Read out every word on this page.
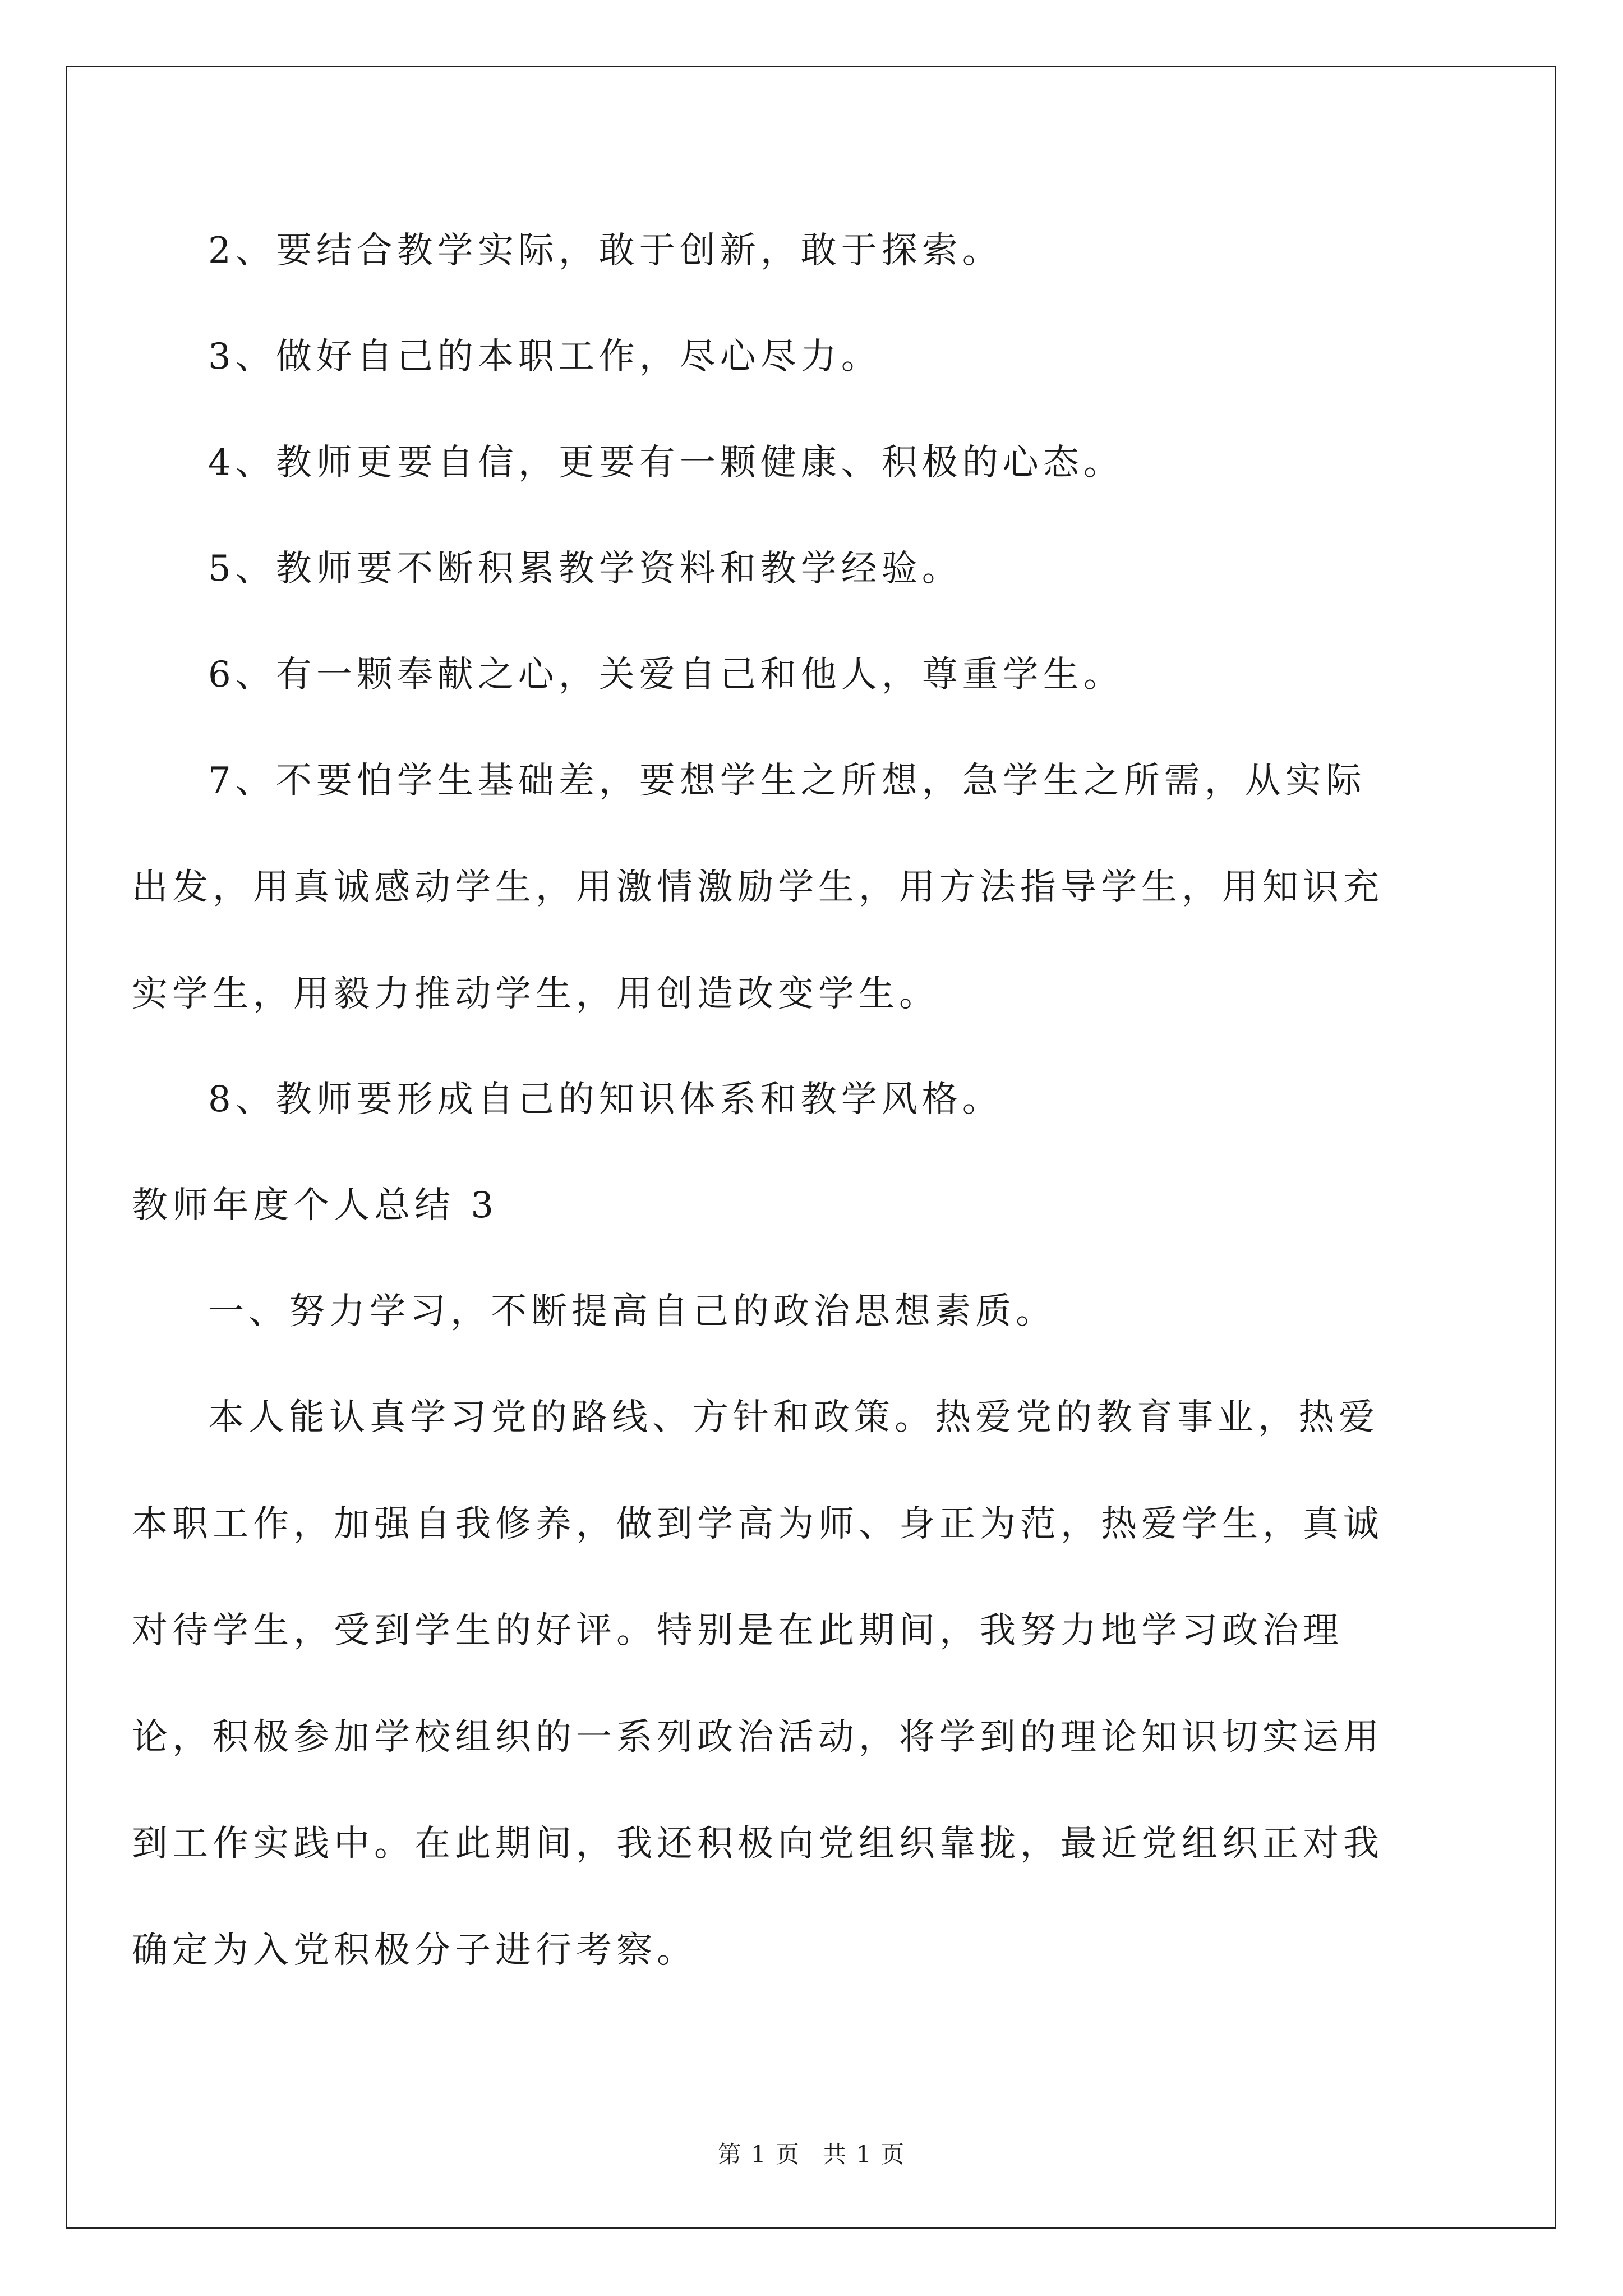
2、要结合教学实际，敢于创新，敢于探索。

3、做好自己的本职工作，尽心尽力。

4、教师更要自信，更要有一颗健康、积极的心态。

5、教师要不断积累教学资料和教学经验。

6、有一颗奉献之心，关爱自己和他人，尊重学生。

7、不要怕学生基础差，要想学生之所想，急学生之所需，从实际出发，用真诚感动学生，用激情激励学生，用方法指导学生，用知识充实学生，用毅力推动学生，用创造改变学生。

8、教师要形成自己的知识体系和教学风格。

教师年度个人总结 3

一、努力学习，不断提高自己的政治思想素质。

本人能认真学习党的路线、方针和政策。热爱党的教育事业，热爱本职工作，加强自我修养，做到学高为师、身正为范，热爱学生，真诚对待学生，受到学生的好评。特别是在此期间，我努力地学习政治理论，积极参加学校组织的一系列政治活动，将学到的理论知识切实运用到工作实践中。在此期间，我还积极向党组织靠拢，最近党组织正对我确定为入党积极分子进行考察。

第 1 页 共 1 页
